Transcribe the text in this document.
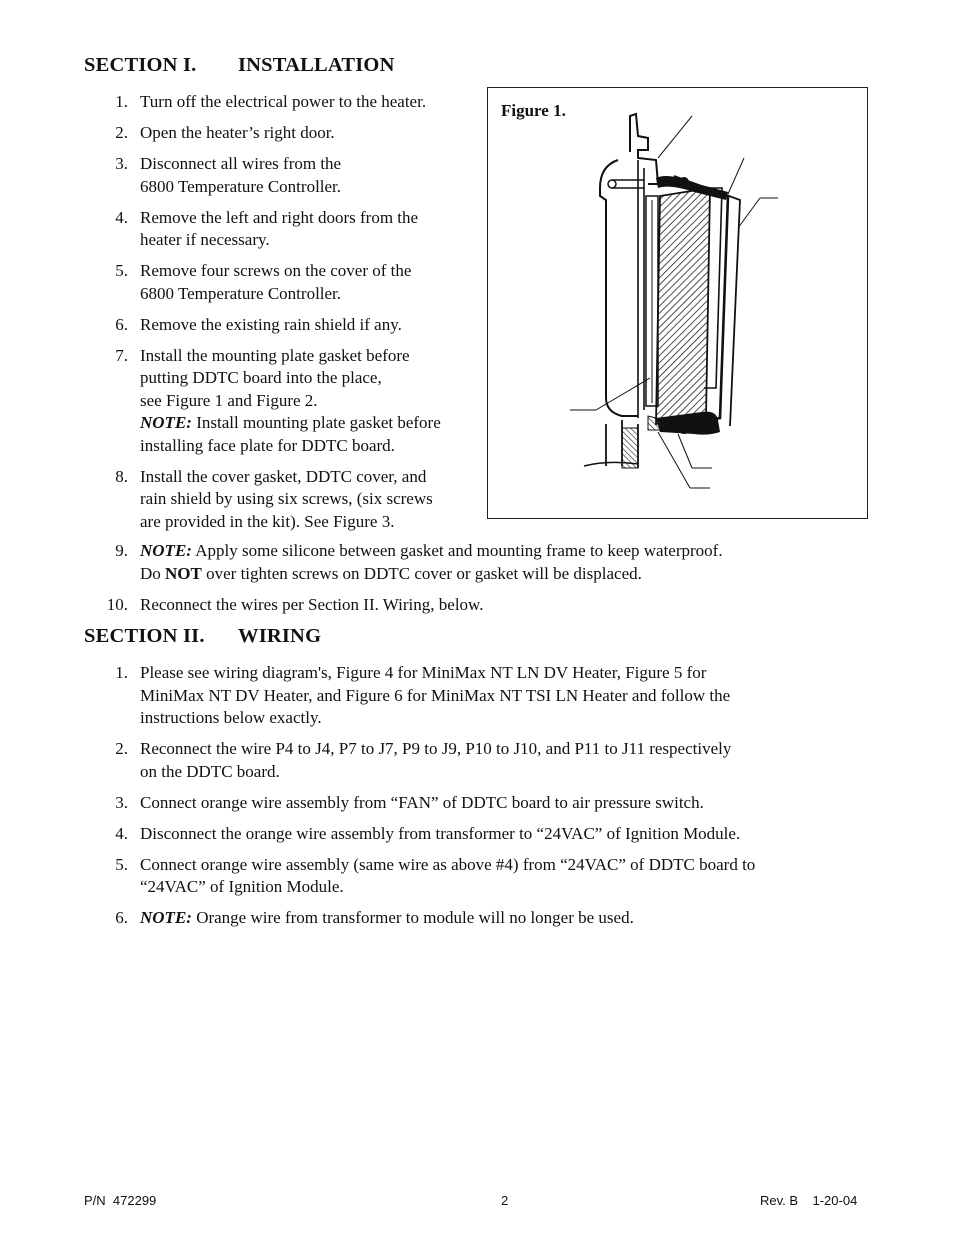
SECTION I. INSTALLATION
1. Turn off the electrical power to the heater.
2. Open the heater’s right door.
3. Disconnect all wires from the
6800 Temperature Controller.
4. Remove the left and right doors from the
heater if necessary.
5. Remove four screws on the cover of the
6800 Temperature Controller.
6. Remove the existing rain shield if any.
7. Install the mounting plate gasket before
putting DDTC board into the place,
see Figure 1 and Figure 2.
NOTE: Install mounting plate gasket before
installing face plate for DDTC board.
8. Install the cover gasket, DDTC cover, and
rain shield by using six screws, (six screws
are provided in the kit). See Figure 3.
9. NOTE: Apply some silicone between gasket and mounting frame to keep waterproof.
Do NOT over tighten screws on DDTC cover or gasket will be displaced.
10. Reconnect the wires per Section II. Wiring, below.
Figure 1.
SECTION II. WIRING
1. Please see wiring diagram's, Figure 4 for MiniMax NT LN DV Heater, Figure 5 for
MiniMax NT DV Heater, and Figure 6 for MiniMax NT TSI LN Heater and follow the
instructions below exactly.
2. Reconnect the wire P4 to J4, P7 to J7, P9 to J9, P10 to J10, and P11 to J11 respectively
on the DDTC board.
3. Connect orange wire assembly from “FAN” of DDTC board to air pressure switch.
4. Disconnect the orange wire assembly from transformer to “24VAC” of Ignition Module.
5. Connect orange wire assembly (same wire as above #4) from “24VAC” of DDTC board to
“24VAC” of Ignition Module.
6. NOTE: Orange wire from transformer to module will no longer be used.
P/N  472299	2	Rev. B    1-20-04
